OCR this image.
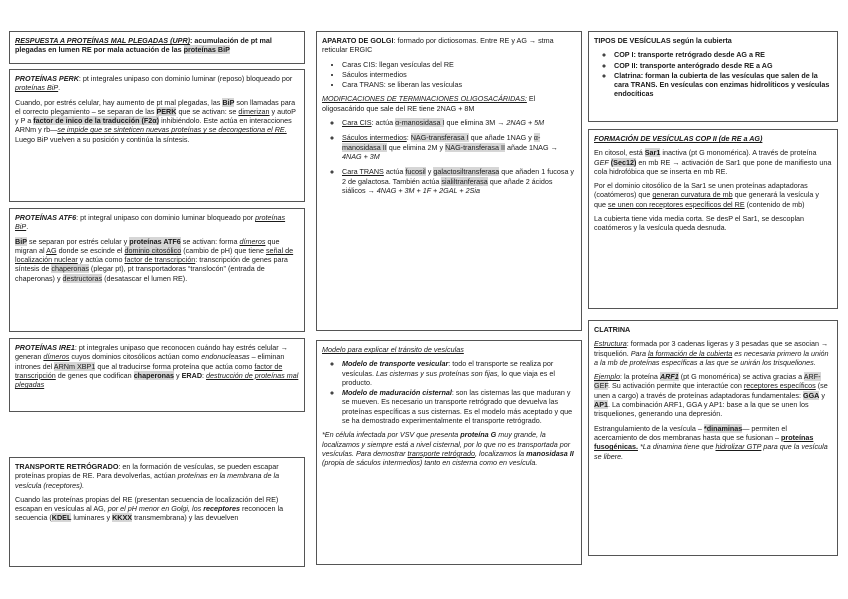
RESPUESTA A PROTEÍNAS MAL PLEGADAS (UPR): acumulación de pt mal plegadas en lumen RE por mala actuación de las proteínas BiP

PROTEÍNAS PERK: pt integrales unipaso con dominio luminar (reposo) bloqueado por proteínas BiP.

Cuando, por estrés celular, hay aumento de pt mal plegadas, las BiP son llamadas para el correcto plegamiento – se separan de las PERK que se activan: se dimerizan y autoP y P a factor de inico de la traducción (F2α) inhibiéndolo. Este actúa en interacciones ARNm y rb—se impide que se sinteticen nuevas proteínas y se decongestiona el RE. Luego BiP vuelven a su posición y continúa la síntesis.

PROTEÍNAS ATF6: pt integral unipaso con dominio luminar bloqueado por proteínas BiP.

BiP se separan por estrés celular y proteínas ATF6 se activan: forma dímeros que migran al AG donde se escinde el dominio citosólico (cambio de pH) que tiene señal de localización nuclear y actúa como factor de transcripción: transcripción de genes para síntesis de chaperonas (plegar pt), pt transportadoras “translocón” (entrada de chaperonas) y destructoras (desatascar el lumen RE).

PROTEÍNAS IRE1: pt integrales unipaso que reconocen cuándo hay estrés celular → generan dímeros cuyos dominios citosólicos actúan como endonucleasas – eliminan intrones del ARNm XBP1 que al traducirse forma proteína que actúa como factor de transcripción de genes que codifican chaperonas y ERAD: destrucción de proteínas mal plegadas

TRANSPORTE RETRÓGRADO: en la formación de vesículas, se pueden escapar proteínas propias de RE. Para devolverlas, actúan proteínas en la membrana de la vesícula (receptores).

Cuando las proteínas propias del RE (presentan secuencia de localización del RE) escapan en vesículas al AG, por el pH menor en Golgi, los receptores reconocen la secuencia (KDEL luminares y KKXX transmembrana) y las devuelven

APARATO DE GOLGI: formado por dictiosomas. Entre RE y AG → stma reticular ERGIC

• Caras CIS: llegan vesículas del RE
• Sáculos intermedios
• Cara TRANS: se liberan las vesículas

MODIFICACIONES DE TERMINACIONES OLIGOSACÁRIDAS: El oligosacárido que sale del RE tiene 2NAG + 8M

◦ Cara CIS: actúa α-manosidasa I que elimina 3M → 2NAG + 5M
◦ Sáculos intermedios: NAG-transferasa I que añade 1NAG y α-manosidasa II que elimina 2M y NAG-transferasa II añade 1NAG → 4NAG + 3M
◦ Cara TRANS actúa fucosil y galactosiltransferasa que añaden 1 fucosa y 2 de galactosa. También actúa sialiltranferasa que añade 2 ácidos siálicos → 4NAG + 3M + 1F + 2GAL + 2Sia

Modelo para explicar el tránsito de vesículas

◦ Modelo de transporte vesicular: todo el transporte se realiza por vesículas. Las cisternas y sus proteínas son fijas, lo que viaja es el producto.
◦ Modelo de maduración cisternal: son las cisternas las que maduran y se mueven. Es necesario un transporte retrógrado que devuelva las proteínas específicas a sus cisternas. Es el modelo más aceptado y que se ha demostrado experimentalmente el transporte retrógrado.

*En célula infectada por VSV que presenta proteína G muy grande, la localizamos y siempre está a nivel cisternal, por lo que no es transportada por vesículas. Para demostrar transporte retrógrado, localizamos la manosidasa II (propia de sáculos intermedios) tanto en cisterna como en vesícula.

TIPOS DE VESÍCULAS según la cubierta

◦ COP I: transporte retrógrado desde AG a RE
◦ COP II: transporte anterógrado desde RE a AG
◦ Clatrina: forman la cubierta de las vesículas que salen de la cara TRANS. En vesículas con enzimas hidrolíticos y vesículas endocíticas

FORMACIÓN DE VESÍCULAS COP II (de RE a AG)

En citosol, está Sar1 inactiva (pt G monomérica). A través de proteína GEF (Sec12) en mb RE → activación de Sar1 que pone de manifiesto una cola hidrofóbica que se inserta en mb RE.

Por el dominio citosólico de la Sar1 se unen proteínas adaptadoras (coatómeros) que generan curvatura de mb que generará la vesícula y que se unen con receptores específicos del RE (contenido de mb)

La cubierta tiene vida media corta. Se desP el Sar1, se descoplan coatómeros y la vesícula queda desnuda.

CLATRINA

Estructura: formada por 3 cadenas ligeras y 3 pesadas que se asocian → trisquelión. Para la formación de la cubierta es necesaria primero la unión a la mb de proteínas específicas a las que se unirán los trisqueliones.

Ejemplo: la proteína ARF1 (pt G monomérica) se activa gracias a ARF-GEF. Su activación permite que interactúe con receptores específicos (se unen a cargo) a través de proteínas adaptadoras fundamentales: GGA y AP1. La combinación ARF1, GGA y AP1: base a la que se unen los trisqueliones, generando una depresión.

Estrangulamiento de la vesícula – *dinaminas— permiten el acercamiento de dos membranas hasta que se fusionan – proteínas fusogénicas. *La dinamina tiene que hidrolizar GTP para que la vesícula se libere.
